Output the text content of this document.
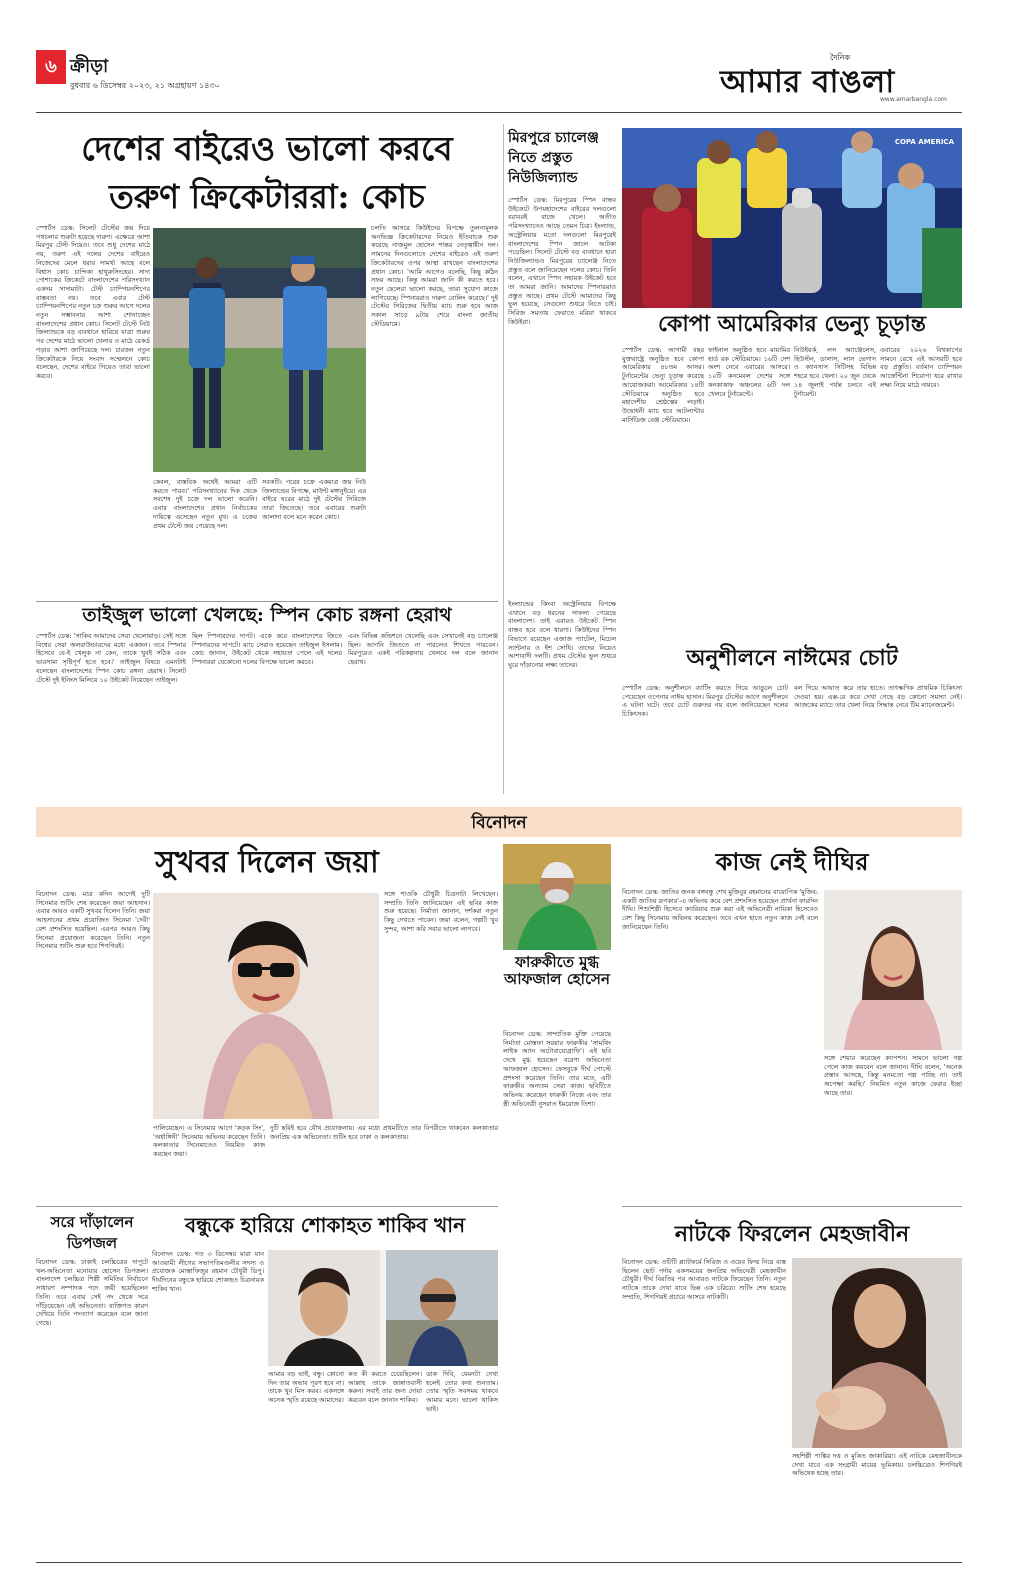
৬ ক্রীড়া
বুধবার ৬ ডিসেম্বর ২০২৩, ২১ অগ্রহায়ণ ১৪৩০
দৈনিক
আমার বাঙলা
www.amarbangla.com
দেশের বাইরেও ভালো করবে
তরুণ ক্রিকেটাররা: কোচ

স্পোর্টস ডেস্ক: সিলেট টেস্টের জয় দিয়ে পথচলার শুরুটা হয়েছে দারুণ। এক্ষেত্রে আশা মিরপুর টেস্ট দিয়েও। তবে শুধু দেশের মাঠে নয়, তরুণ এই দলের দেশের বাইরেও নিজেদের মেলে ধরার সামর্থ্য আছে বলে বিশ্বাস কোচ চান্দিকা হাথুরুসিংহের। সাদা পোশাকের ক্রিকেটে বাংলাদেশের পরিসংখ্যান একদম সাদামাটা। টেস্ট চ্যাম্পিয়নশিপের বাস্তবতা নয়। তবে এবার টেস্ট চ্যাম্পিয়নশিপের নতুন চক্র শুরুর আগে দলের নতুন সম্ভাবনার আশা শোনাচ্ছেন বাংলাদেশের প্রধান কোচ। সিলেট টেস্টে নিউ জিল্যান্ডকে বড় ব্যবধানে হারিয়ে যাত্রা শুরুর পর দেশের মাঠে ভালো খেলার ও মাঠে রেকর্ড গড়ার আশা জাগিয়েছে দল। চারজন নতুন ক্রিকেটারকে নিয়ে সংবাদ সম্মেলনে কোচ বলেছেন, দেশের বাইরে গিয়েও তারা ভালো করবে।

কেবল, বাস্তবিক অর্থেই আমরা এটি করতে পারব।' পরিসংখ্যানের দিক থেকে সবশেষ দুই চক্রে দল ভালো করেনি। এবার বাংলাদেশের প্রধান নির্বাচকের দায়িত্বে এসেছেন নতুন মুখ। এ চক্রের প্রথম টেস্টে জয় পেয়েছে দল।

সবকটি। পরের চক্রে একমাত্র জয় নিউ জিল্যান্ডের বিপক্ষে, মাউন্ট মঙ্গানুইয়ে। এর বাইরে ঘরের মাঠে দুই টেস্টের সিরিজে তারা জিতেছে। তবে এবারের শুরুটা আলাদা বলে মনে করেন কোচ।

চলতি আসরে কিউইদের বিপক্ষে তুলনামূলক অনভিজ্ঞ ক্রিকেটারদের নিয়েও ইতিবাচক শুরু করেছে নাজমুল হোসেন শান্তর নেতৃত্বাধীন দল। সামনের দিনগুলোতে দেশের বাইরেও এই তরুণ ক্রিকেটারদের ওপর আস্থা রাখছেন বাংলাদেশের প্রধান কোচ। 'আমি আগেও বলেছি, কিছু কঠিন সফর আছে। কিন্তু আমরা জানি কী করতে হবে। নতুন ছেলেরা ভালো করছে, তারা সুযোগ কাজে লাগিয়েছে। স্পিনাররাও দারুণ বোলিং করেছে।' দুই টেস্টের সিরিজের দ্বিতীয় ম্যাচ শুরু হবে আজ সকাল সাড়ে ৯টায় শেরে বাংলা জাতীয় স্টেডিয়ামে।

মিরপুরে চ্যালেঞ্জ নিতে প্রস্তুত নিউজিল্যান্ড

স্পোর্টস ডেস্ক: মিরপুরের স্পিন বান্ধব উইকেটে উপমহাদেশের বাইরের দলগুলো বরাবরই বাজে খেলে। অতীত পরিসংখ্যানেও আছে তেমন চিত্র। ইংল্যান্ড, অস্ট্রেলিয়ার মতো দলগুলো মিরপুরেই বাংলাদেশের স্পিন জালে আটকা পড়েছিল। সিলেট টেস্টে বড় ব্যবধানে হারা নিউজিল্যান্ডও মিরপুরের চ্যালেঞ্জ নিতে প্রস্তুত বলে জানিয়েছেন দলের কোচ। তিনি বলেন, এখানে স্পিন সহায়ক উইকেট হবে তা আমরা জানি। আমাদের স্পিনাররাও প্রস্তুত আছে। প্রথম টেস্টে আমাদের কিছু ভুল হয়েছে, সেগুলো শুধরে নিতে চাই। সিরিজ সমতায় ফেরাতে মরিয়া থাকবে কিউইরা।

COPA AMERICA
কোপা আমেরিকার ভেন্যু চূড়ান্ত

স্পোর্টস ডেস্ক: আগামী বছর যুক্তরাষ্ট্রে অনুষ্ঠিত হবে কোপা আমেরিকার ৪৮তম আসর। টুর্নামেন্টের ভেন্যু চূড়ান্ত করেছে আয়োজকরা। আমেরিকার ১৪টি স্টেডিয়ামে অনুষ্ঠিত হবে মহাদেশীয় শ্রেষ্ঠত্বের লড়াই। উদ্বোধনী ম্যাচ হবে আটলান্টার মার্সিডিজ বেঞ্জ স্টেডিয়ামে।

ফাইনাল অনুষ্ঠিত হবে মায়ামির হার্ড রক স্টেডিয়ামে। ১৬টি দেশ অংশ নেবে এবারের আসরে। ১০টি কনমেবল দেশের সঙ্গে কনকাকাফ অঞ্চলের ৬টি দল খেলবে টুর্নামেন্টে।

নিউইয়র্ক, লস অ্যাঞ্জেলেস, হিউস্টন, ডালাস, লাস ভেগাস ও ক্যানসাস সিটিসহ বিভিন্ন শহরে হবে খেলা। ২০ জুন থেকে ১৪ জুলাই পর্যন্ত চলবে এই টুর্নামেন্ট।

এবারের ২০২৬ বিশ্বকাপের সামনে রেখে এই আসরটি হবে বড় প্রস্তুতি। বর্তমান চ্যাম্পিয়ন আর্জেন্টিনা শিরোপা ধরে রাখার লক্ষ্য নিয়ে মাঠে নামবে।

তাইজুল ভালো খেলছে: স্পিন কোচ রঙ্গনা হেরাথ

স্পোর্টস ডেস্ক: 'সাকিব আমাদের সেরা খেলোয়াড়। সেই সঙ্গে বিশ্বের সেরা অলরাউন্ডারদের মধ্যে একজন। তবে স্পিনার হিসেবে যে-ই খেলুক না কেন, তাকে খুবই সঠিক এবং ভারসাম্য সৃষ্টিপূর্ণ হতে হবে।' তাইজুল বিষয়ে এমনটাই বলেছেন বাংলাদেশের স্পিন কোচ রঙ্গনা হেরাথ। সিলেট টেস্টে দুই ইনিংস মিলিয়ে ১০ উইকেট নিয়েছেন তাইজুল।

ছিল স্পিনারদের দাপট। একে করে বাংলাদেশের জিতে স্পিনারদের দাপটে। ম্যাচ সেরাও হয়েছেন তাইজুল ইসলাম। কোচ জানান, উইকেট থেকে সহায়তা পেলে এই দলের স্পিনাররা যেকোনো দলের বিপক্ষে ভালো করবে।

এবং বিভিন্ন কন্ডিশনে খেলেছি এবং সেখানেই বড় চ্যালেঞ্জ ছিল। আপনি জিততে না পারলেও শিখতে পারবেন। মিরপুরেও একই পরিকল্পনায় খেলবে দল বলে জানান হেরাথ।

ইংল্যান্ডের কিংবা অস্ট্রেলিয়ার বিপক্ষে এখানে বড় ধরনের সাফল্য পেয়েছে বাংলাদেশ। তাই এবারও উইকেট স্পিন বান্ধব হবে বলে ধারণা। কিউইদের স্পিন বিভাগে রয়েছেন এজাজ প্যাটেল, মিচেল স্যান্টনার ও ইশ সোধি। তাদের নিয়েও আশাবাদী দলটি। প্রথম টেস্টের ভুল শুধরে ঘুরে দাঁড়ানোর লক্ষ্য তাদের।	অনুশীলনে নাঈমের চোট

স্পোর্টস ডেস্ক: অনুশীলনে ব্যাটিং করতে গিয়ে আঙুলে চোট পেয়েছেন ওপেনার নাঈম হাসান। মিরপুর টেস্টের আগে অনুশীলনে এ ঘটনা ঘটে। তবে চোট গুরুতর নয় বলে জানিয়েছেন দলের চিকিৎসক।

বল গিয়ে আঘাত করে তার হাতে। তাৎক্ষণিক প্রাথমিক চিকিৎসা দেওয়া হয়। এক্স-রে করে দেখা গেছে বড় কোনো সমস্যা নেই। আজকের ম্যাচে তার খেলা নিয়ে সিদ্ধান্ত নেবে টিম ম্যানেজমেন্ট।

বিনোদন
সুখবর দিলেন জয়া

বিনোদন ডেস্ক: মাত্র কদিন আগেই দুটি সিনেমার শুটিং শেষ করেছেন জয়া আহসান। এবার আরও একটি সুখবর দিলেন তিনি। জয়া আহসানের প্রথম প্রযোজিত সিনেমা 'দেবী' বেশ প্রশংসিত হয়েছিল। এরপর আরও কিছু সিনেমা প্রযোজনা করেছেন তিনি। নতুন সিনেমার শুটিং শুরু হবে শিগগিরই।

সঙ্গে শাওকি চৌধুরী চিত্রনাট্য লিখেছেন। সম্প্রতি তিনি জানিয়েছেন এই ছবির কাজ শুরু হয়েছে। নির্মাতা জানান, দর্শকরা নতুন কিছু দেখতে পাবেন। জয়া বলেন, গল্পটি খুব সুন্দর, আশা করি সবার ভালো লাগবে।

পালিয়েছেন। এ সিনেমার আগে 'কড়ক সিং', 'অর্ধাঙ্গিনী' সিনেমায় অভিনয় করেছেন তিনি। কলকাতার সিনেমাতেও নিয়মিত কাজ করছেন জয়া।

দুটি ছবিই হবে যৌথ প্রযোজনায়। এর মধ্যে প্রথমটিতে তার বিপরীতে থাকবেন কলকাতার জনপ্রিয় এক অভিনেতা। শুটিং হবে ঢাকা ও কলকাতায়।

ফারুকীতে মুগ্ধ আফজাল হোসেন

বিনোদন ডেস্ক: সাম্প্রতিক মুক্তি পেয়েছে নির্মাতা মোস্তফা সরয়ার ফারুকীর 'সামথিং লাইক অ্যান অটোবায়োগ্রাফি'। এই ছবি দেখে মুগ্ধ হয়েছেন বরেণ্য অভিনেতা আফজাল হোসেন। ফেসবুকে দীর্ঘ পোস্টে প্রশংসা করেছেন তিনি। তার মতে, এটি ফারুকীর অন্যতম সেরা কাজ। ছবিটিতে অভিনয় করেছেন ফারুকী নিজে এবং তার স্ত্রী অভিনেত্রী নুসরাত ইমরোজ তিশা।

কাজ নেই দীঘির

বিনোদন ডেস্ক: জাতির জনক বঙ্গবন্ধু শেখ মুজিবুর রহমানের বায়োপিক 'মুজিব: একটি জাতির রূপকার'-এ অভিনয় করে বেশ প্রশংসিত হয়েছেন প্রার্থনা ফারদিন দীঘি। শিশুশিল্পী হিসেবে ক্যারিয়ার শুরু করা এই অভিনেত্রী নায়িকা হিসেবেও বেশ কিছু সিনেমায় অভিনয় করেছেন। তবে এখন হাতে নতুন কাজ নেই বলে জানিয়েছেন তিনি।

সঙ্গে শেয়ার করেছেন ক্যাপশন। সামনে ভালো গল্প পেলে কাজ করবেন বলে জানান। দীঘি বলেন, 'অনেক প্রস্তাব আসছে, কিন্তু মনমতো গল্প পাচ্ছি না। তাই অপেক্ষা করছি।' নিয়মিত নতুন কাজে ফেরার ইচ্ছা আছে তার।

সরে দাঁড়ালেন ডিপজল

বিনোদন ডেস্ক: ঢাকাই চলচ্চিত্রের দাপুটে খল-অভিনেতা মনোয়ার হোসেন ডিপজল। বাংলাদেশ চলচ্চিত্র শিল্পী সমিতির নির্বাচনে সাধারণ সম্পাদক পদে জয়ী হয়েছিলেন তিনি। তবে এবার সেই পদ থেকে সরে দাঁড়িয়েছেন এই অভিনেতা। ব্যক্তিগত কারণ দেখিয়ে তিনি পদত্যাগ করেছেন বলে জানা গেছে।

বন্ধুকে হারিয়ে শোকাহত শাকিব খান

বিনোদন ডেস্ক: গত ৩ ডিসেম্বর মারা যান আওয়ামী লীগের সভাপতিমণ্ডলীর সদস্য ও প্রযোজক মোস্তাফিজুর রহমান চৌধুরী ডিপু। দীর্ঘদিনের বন্ধুকে হারিয়ে শোকাহত চিত্রনায়ক শাকিব খান।

আমার বড় ভাই, বন্ধু। কোনো দিন তার অভাব পূরণ হবে না। তাকে খুব মিস করব। একসঙ্গে অনেক স্মৃতি রয়েছে আমাদের।

কত কী করতে চেয়েছিলেন। আল্লাহ তাকে জান্নাতবাসী করুন। সবাই তার জন্য দোয়া করবেন বলে জানান শাকিব।

ডাক দিবি, যেমনটা দেখা হলেই তোর কথা শুনতাম। তোর স্মৃতি সবসময় থাকবে আমার মনে। ভালো থাকিস ভাই।

নাটকে ফিরলেন মেহজাবীন

বিনোদন ডেস্ক: ওটিটি প্ল্যাটফর্মে সিরিজ ও ওয়েব ফিল্ম নিয়ে ব্যস্ত ছিলেন ছোট পর্দার একসময়ের জনপ্রিয় অভিনেত্রী মেহজাবীন চৌধুরী। দীর্ঘ বিরতির পর আবারও নাটকে ফিরেছেন তিনি। নতুন নাটকে তাকে দেখা যাবে ভিন্ন এক চরিত্রে। শুটিং শেষ হয়েছে সম্প্রতি, শিগগিরই প্রচারে আসবে নাটকটি।

সহশিল্পী পাঙ্কির দত্ত ও মুকিত জাকারিয়া। এই নাটকে মেহজাবীনকে দেখা যাবে এক সংগ্রামী মায়ের ভূমিকায়। চলচ্চিত্রেও শিগগিরই অভিষেক হচ্ছে তার।
